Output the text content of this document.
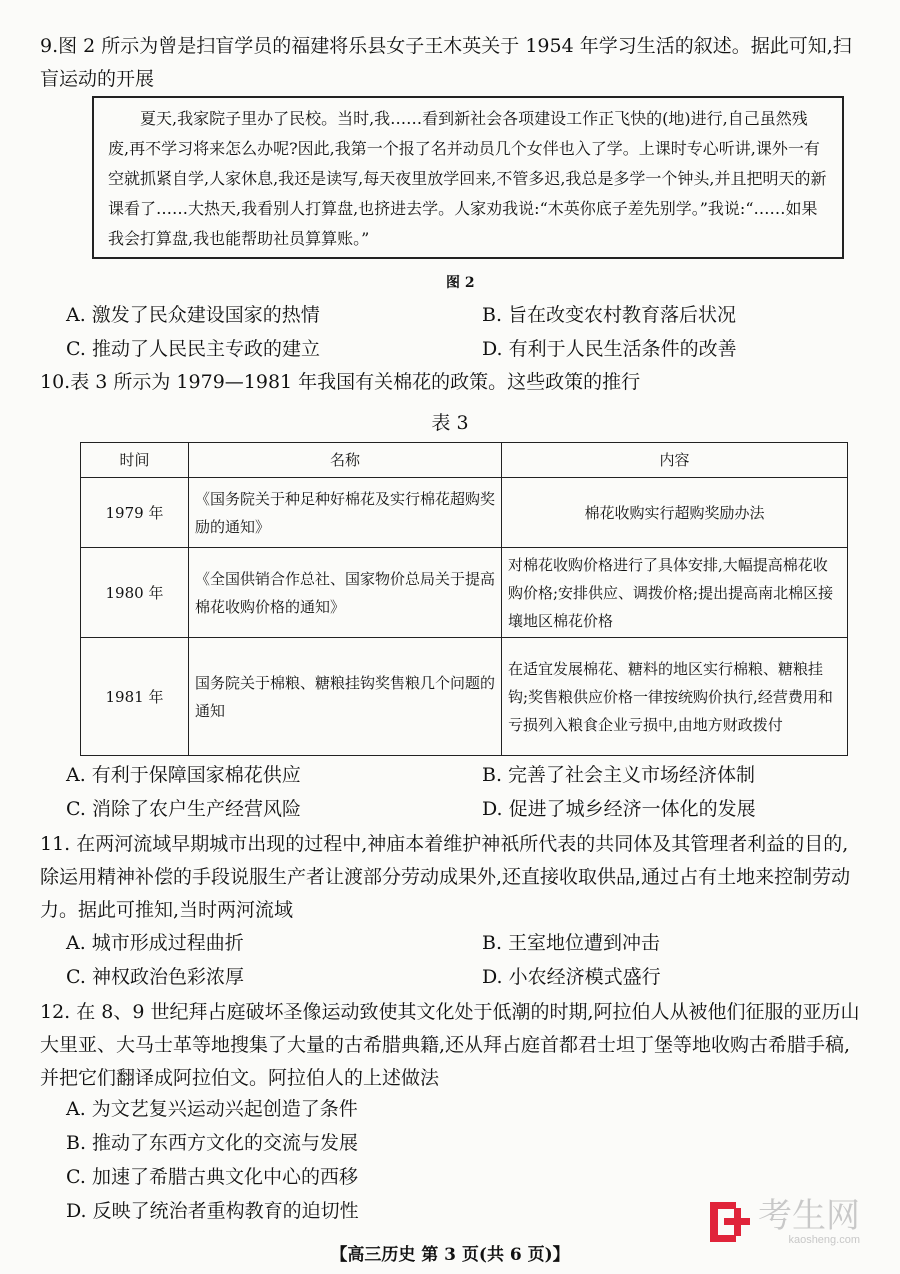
9.图 2 所示为曾是扫盲学员的福建将乐县女子王木英关于 1954 年学习生活的叙述。据此可知,扫盲运动的开展
夏天,我家院子里办了民校。当时,我……看到新社会各项建设工作正飞快的(地)进行,自己虽然残废,再不学习将来怎么办呢?因此,我第一个报了名并动员几个女伴也入了学。上课时专心听讲,课外一有空就抓紧自学,人家休息,我还是读写,每天夜里放学回来,不管多迟,我总是多学一个钟头,并且把明天的新课看了……大热天,我看别人打算盘,也挤进去学。人家劝我说:“木英你底子差先别学。”我说:“……如果我会打算盘,我也能帮助社员算算账。”
图 2
A. 激发了民众建设国家的热情	B. 旨在改变农村教育落后状况
C. 推动了人民民主专政的建立	D. 有利于人民生活条件的改善
10.表 3 所示为 1979—1981 年我国有关棉花的政策。这些政策的推行
表 3
时间	名称	内容
1979 年	《国务院关于种足种好棉花及实行棉花超购奖励的通知》	棉花收购实行超购奖励办法
1980 年	《全国供销合作总社、国家物价总局关于提高棉花收购价格的通知》	对棉花收购价格进行了具体安排,大幅提高棉花收购价格;安排供应、调拨价格;提出提高南北棉区接壤地区棉花价格
1981 年	国务院关于棉粮、糖粮挂钩奖售粮几个问题的通知	在适宜发展棉花、糖料的地区实行棉粮、糖粮挂钩;奖售粮供应价格一律按统购价执行,经营费用和亏损列入粮食企业亏损中,由地方财政拨付
A. 有利于保障国家棉花供应	B. 完善了社会主义市场经济体制
C. 消除了农户生产经营风险	D. 促进了城乡经济一体化的发展
11. 在两河流域早期城市出现的过程中,神庙本着维护神祇所代表的共同体及其管理者利益的目的,除运用精神补偿的手段说服生产者让渡部分劳动成果外,还直接收取供品,通过占有土地来控制劳动力。据此可推知,当时两河流域
A. 城市形成过程曲折	B. 王室地位遭到冲击
C. 神权政治色彩浓厚	D. 小农经济模式盛行
12. 在 8、9 世纪拜占庭破坏圣像运动致使其文化处于低潮的时期,阿拉伯人从被他们征服的亚历山大里亚、大马士革等地搜集了大量的古希腊典籍,还从拜占庭首都君士坦丁堡等地收购古希腊手稿,并把它们翻译成阿拉伯文。阿拉伯人的上述做法
A. 为文艺复兴运动兴起创造了条件
B. 推动了东西方文化的交流与发展
C. 加速了希腊古典文化中心的西移
D. 反映了统治者重构教育的迫切性	考生网
kaosheng.com
【高三历史 第 3 页(共 6 页)】
